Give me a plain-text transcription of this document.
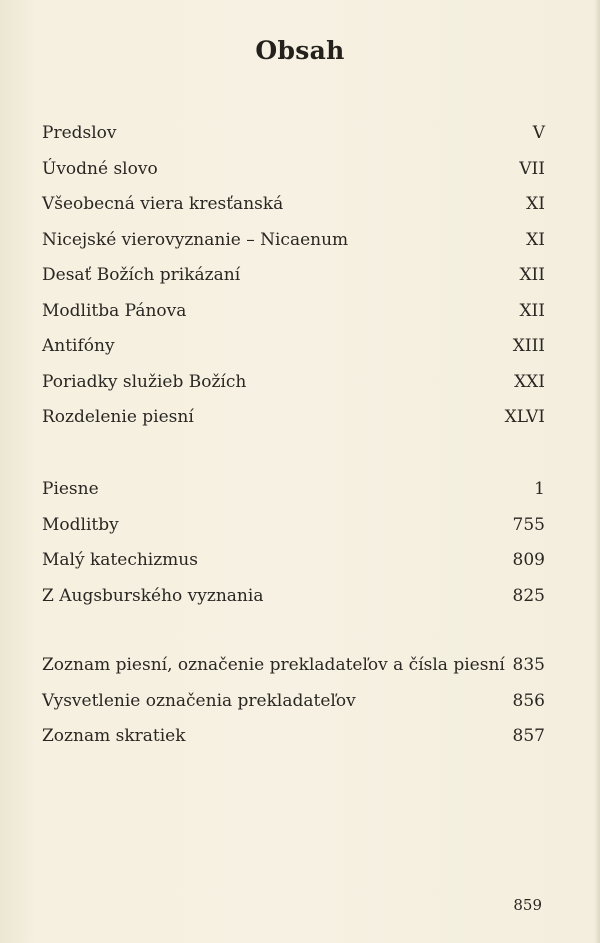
Obsah
Predslov	V
Úvodné slovo	VII
Všeobecná viera kresťanská	XI
Nicejské vierovyznanie – Nicaenum	XI
Desať Božích prikázaní	XII
Modlitba Pánova	XII
Antifóny	XIII
Poriadky služieb Božích	XXI
Rozdelenie piesní	XLVI
Piesne	1
Modlitby	755
Malý katechizmus	809
Z Augsburského vyznania	825
Zoznam piesní, označenie prekladateľov a čísla piesní 835
Vysvetlenie označenia prekladateľov	856
Zoznam skratiek	857
859
